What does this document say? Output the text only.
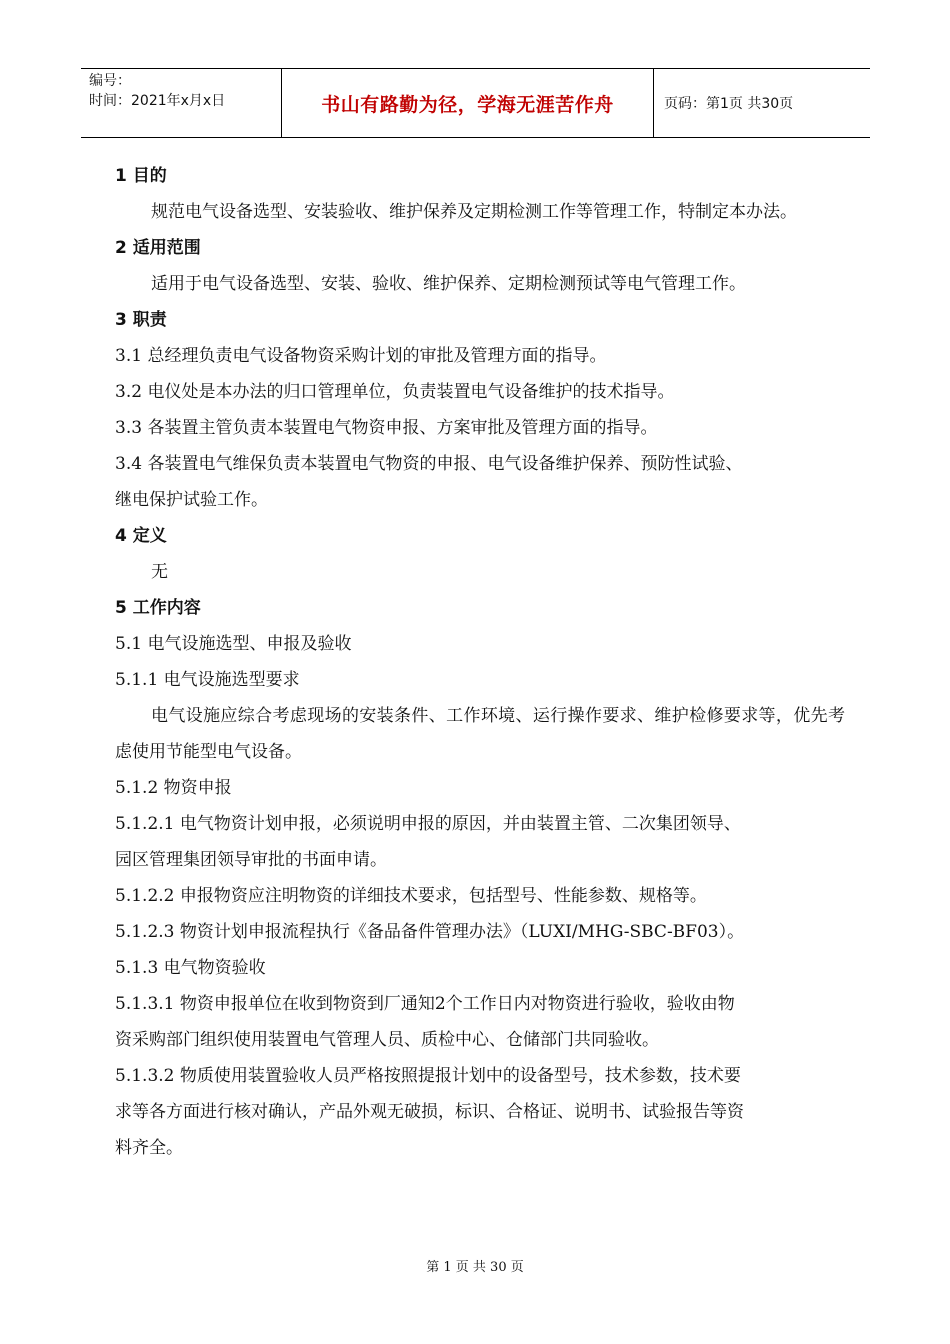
编号：
时间：2021年x月x日	书山有路勤为径，学海无涯苦作舟	页码：第1页 共30页
1 目的
规范电气设备选型、安装验收、维护保养及定期检测工作等管理工作，特制定本办法。
2 适用范围
适用于电气设备选型、安装、验收、维护保养、定期检测预试等电气管理工作。
3 职责
3.1 总经理负责电气设备物资采购计划的审批及管理方面的指导。
3.2 电仪处是本办法的归口管理单位，负责装置电气设备维护的技术指导。
3.3 各装置主管负责本装置电气物资申报、方案审批及管理方面的指导。
3.4 各装置电气维保负责本装置电气物资的申报、电气设备维护保养、预防性试验、
继电保护试验工作。
4 定义
无
5 工作内容
5.1 电气设施选型、申报及验收
5.1.1 电气设施选型要求
电气设施应综合考虑现场的安装条件、工作环境、运行操作要求、维护检修要求等，优先考虑使用节能型电气设备。
5.1.2 物资申报
5.1.2.1 电气物资计划申报，必须说明申报的原因，并由装置主管、二次集团领导、
园区管理集团领导审批的书面申请。
5.1.2.2 申报物资应注明物资的详细技术要求，包括型号、性能参数、规格等。
5.1.2.3 物资计划申报流程执行《备品备件管理办法》（LUXI/MHG-SBC-BF03）。
5.1.3 电气物资验收
5.1.3.1 物资申报单位在收到物资到厂通知2个工作日内对物资进行验收，验收由物
资采购部门组织使用装置电气管理人员、质检中心、仓储部门共同验收。
5.1.3.2 物质使用装置验收人员严格按照提报计划中的设备型号，技术参数，技术要
求等各方面进行核对确认，产品外观无破损，标识、合格证、说明书、试验报告等资
料齐全。
第 1 页 共 30 页
